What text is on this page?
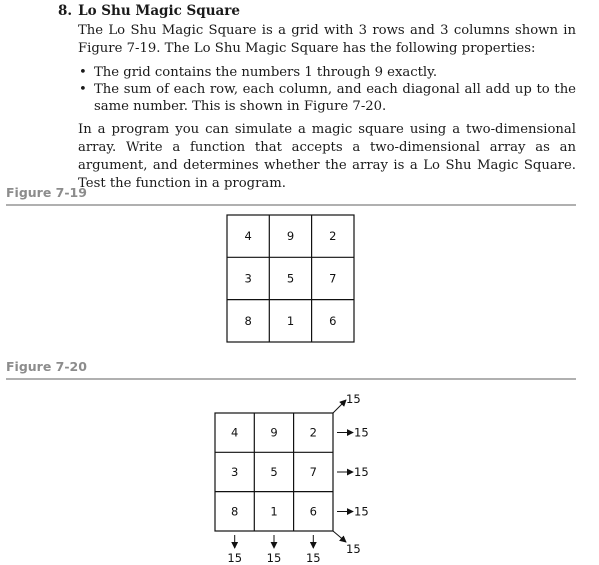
8. Lo Shu Magic Square

The Lo Shu Magic Square is a grid with 3 rows and 3 columns shown in Figure 7-19. The Lo Shu Magic Square has the following properties:

• The grid contains the numbers 1 through 9 exactly.
• The sum of each row, each column, and each diagonal all add up to the same number. This is shown in Figure 7-20.

In a program you can simulate a magic square using a two-dimensional array. Write a function that accepts a two-dimensional array as an argument, and determines whether the array is a Lo Shu Magic Square. Test the function in a program.

Figure 7-19
4	9	2
3	5	7
8	1	6
Figure 7-20
4	9	2
3	5	7
8	1	6
15
15
15
15
15
15 15 15
